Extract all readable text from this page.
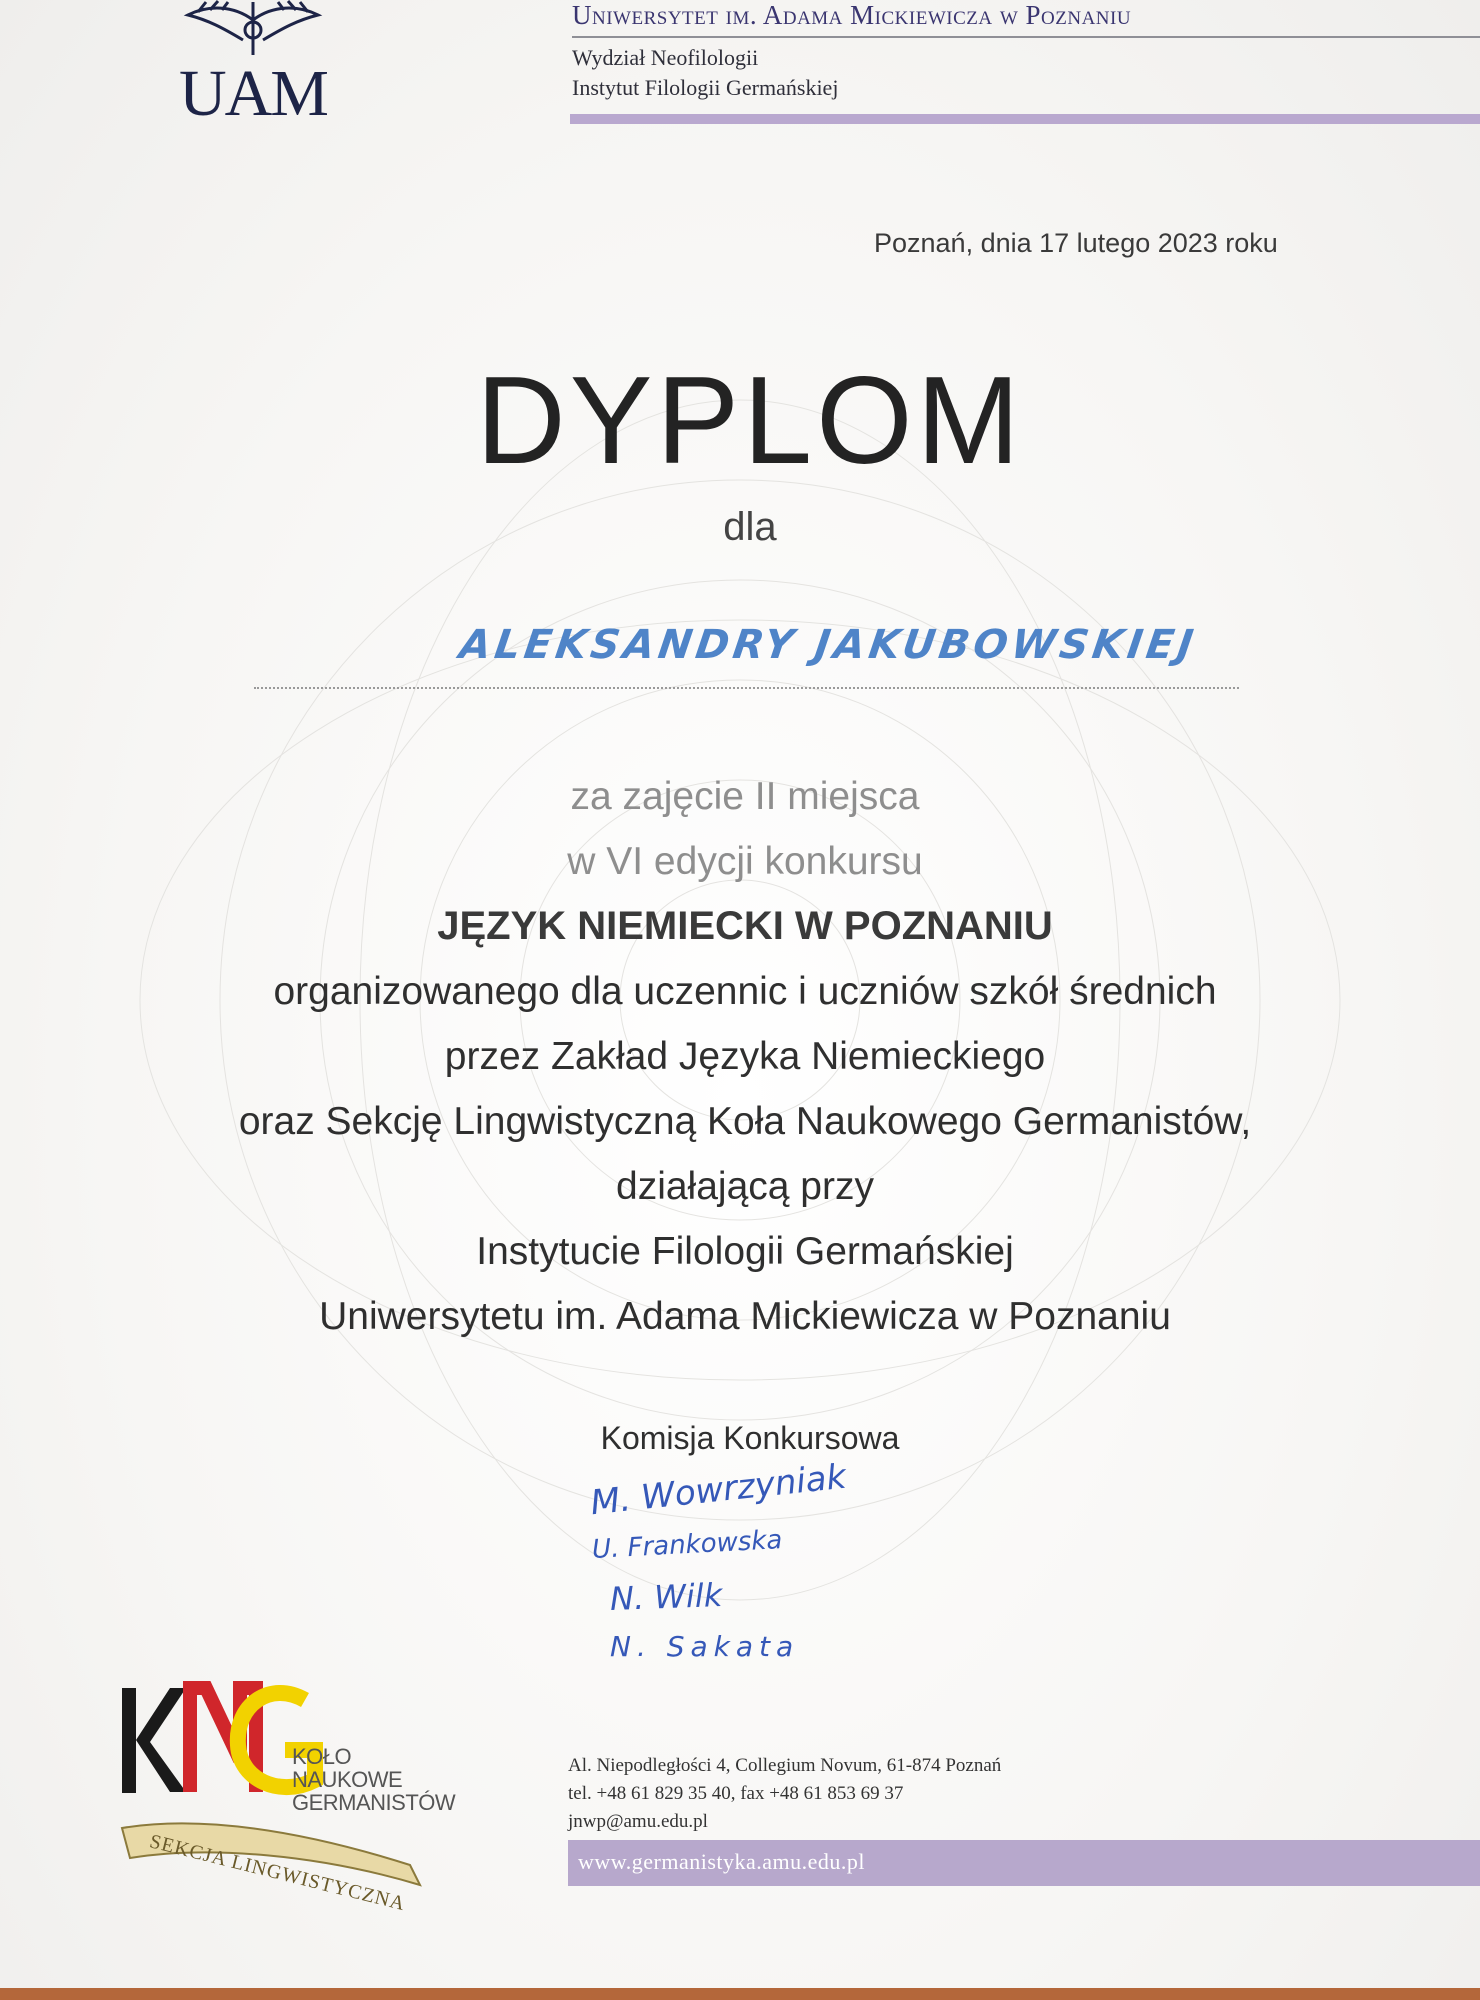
UAM
Uniwersytet im. Adama Mickiewicza w Poznaniu
Wydział Neofilologii
Instytut Filologii Germańskiej
Poznań, dnia 17 lutego 2023 roku
DYPLOM
dla
ALEKSANDRY JAKUBOWSKIEJ
za zajęcie II miejsca
w VI edycji konkursu
JĘZYK NIEMIECKI W POZNANIU
organizowanego dla uczennic i uczniów szkół średnich
przez Zakład Języka Niemieckiego
oraz Sekcję Lingwistyczną Koła Naukowego Germanistów,
działającą przy
Instytucie Filologii Germańskiej
Uniwersytetu im. Adama Mickiewicza w Poznaniu
Komisja Konkursowa
M. Wowrzyniak
U. Frankowska
N. Wilk
N. Sakata
KOŁO
NAUKOWE
GERMANISTÓW
SEKCJA LINGWISTYCZNA
Al. Niepodległości 4, Collegium Novum, 61-874 Poznań
tel. +48 61 829 35 40, fax +48 61 853 69 37
jnwp@amu.edu.pl
www.germanistyka.amu.edu.pl
